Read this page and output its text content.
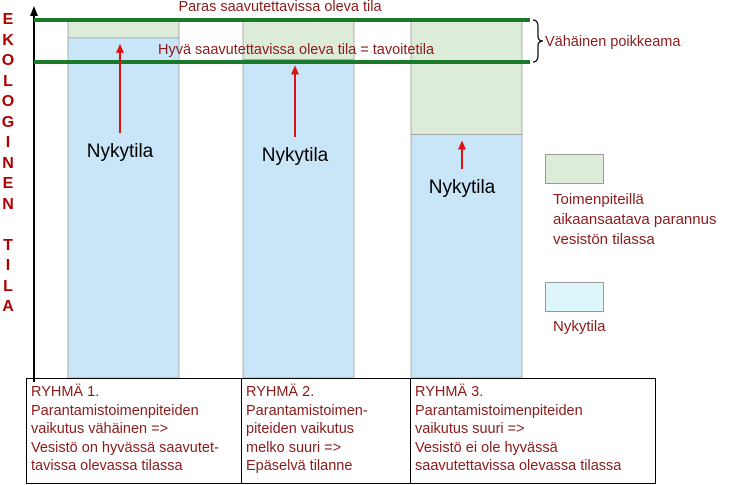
Paras saavutettavissa oleva tila
Hyvä saavutettavissa oleva tila = tavoitetila	Vähäinen poikkeama
Nykytila	Nykytila
Nykytila
E
K
O
L
O
G
I
N
E
N

T
I
L
A
Toimenpiteillä
aikaansaatava parannus
vesistön tilassa
Nykytila
RYHMÄ 1.
Parantamistoimenpiteiden
vaikutus vähäinen =>
Vesistö on hyvässä saavutet-
tavissa olevassa tilassa
RYHMÄ 2.
Parantamistoimen-
piteiden vaikutus
melko suuri =>
Epäselvä tilanne
RYHMÄ 3.
Parantamistoimenpiteiden
vaikutus suuri =>
Vesistö ei ole hyvässä
saavutettavissa olevassa tilassa
